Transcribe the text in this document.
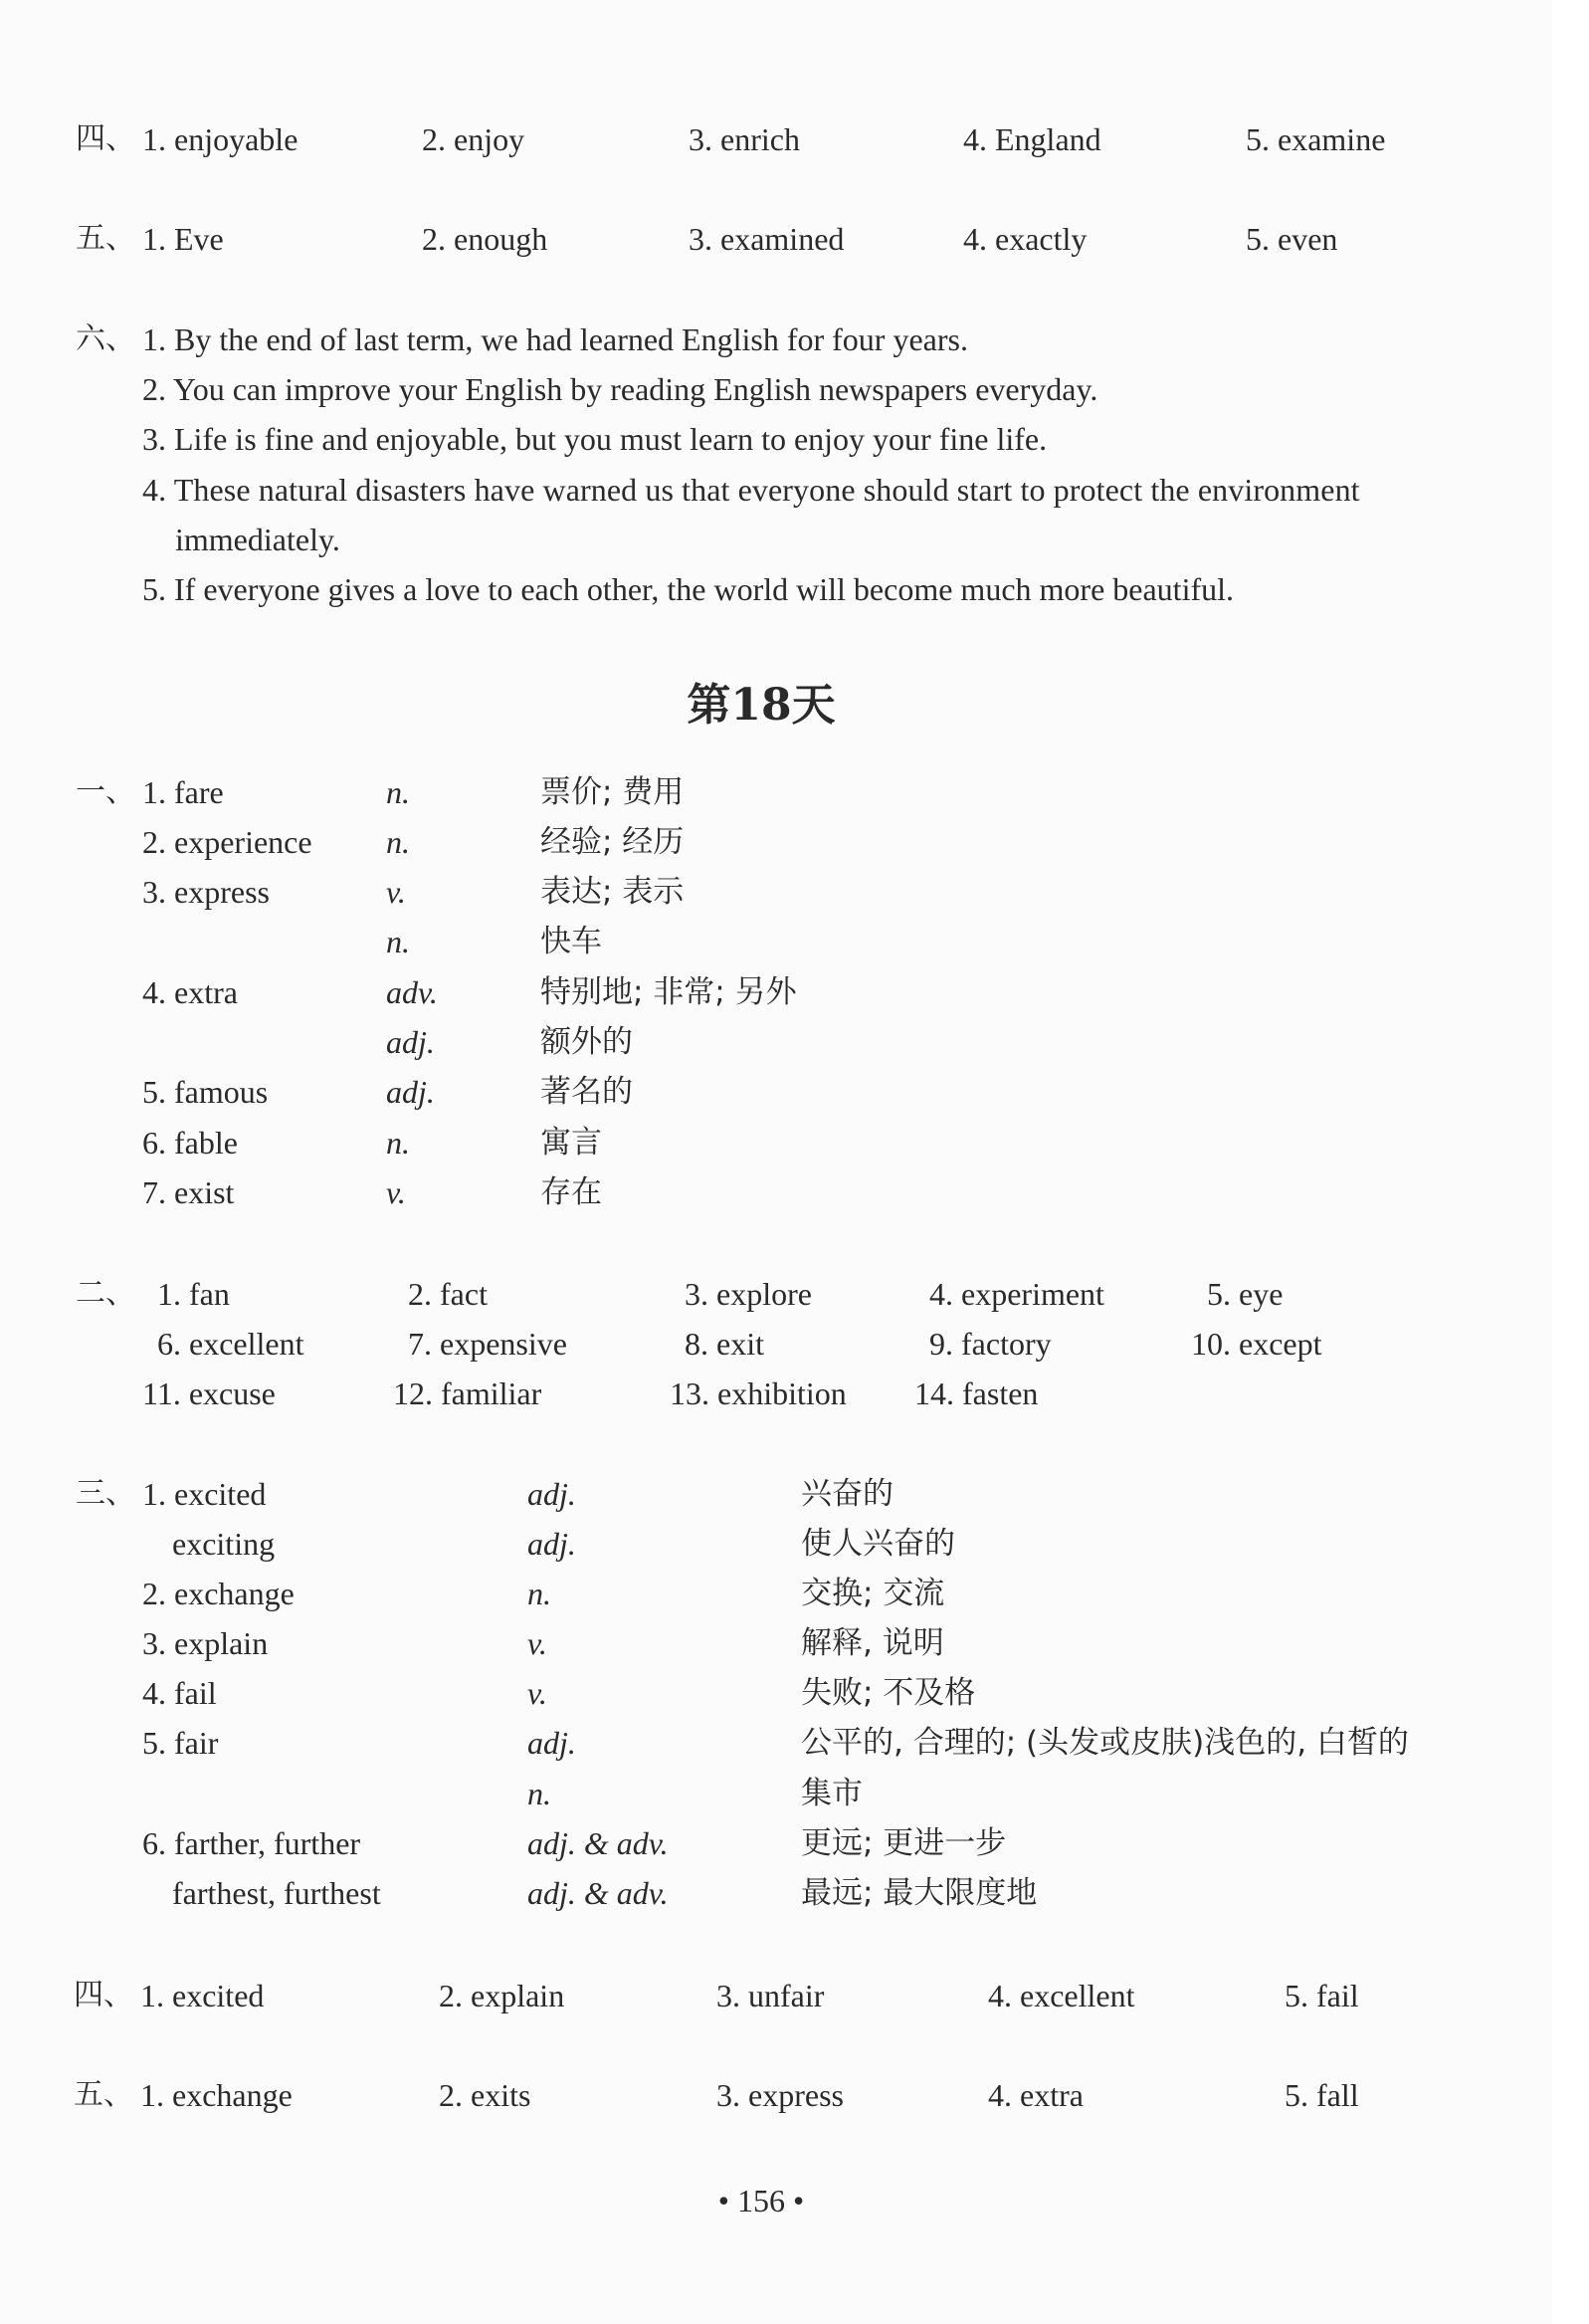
四、 1. enjoyable	2. enjoy	3. enrich	4. England	5. examine
五、 1. Eve	2. enough	3. examined	4. exactly	5. even
六、 1. By the end of last term, we had learned English for four years.
2. You can improve your English by reading English newspapers everyday.
3. Life is fine and enjoyable, but you must learn to enjoy your fine life.
4. These natural disasters have warned us that everyone should start to protect the environment
immediately.
5. If everyone gives a love to each other, the world will become much more beautiful.
第18天
一、 1. fare	n.	票价; 费用
2. experience n.	经验; 经历
3. express	v.	表达; 表示
n.	快车
4. extra	adv.	特别地; 非常; 另外
adj.	额外的
5. famous	adj.	著名的
6. fable	n.	寓言
7. exist	v.	存在
二、 1. fan	2. fact	3. explore	4. experiment	5. eye
6. excellent	7. expensive	8. exit	9. factory	10. except
11. excuse	12. familiar	13. exhibition 14. fasten
三、 1. excited	adj.	兴奋的
exciting	adj.	使人兴奋的
2. exchange	n.	交换; 交流
3. explain	v.	解释, 说明
4. fail	v.	失败; 不及格
5. fair	adj.	公平的, 合理的; (头发或皮肤)浅色的, 白皙的
n.	集市
6. farther, further	adj. & adv.	更远; 更进一步
farthest, furthest	adj. & adv.	最远; 最大限度地
四、 1. excited	2. explain	3. unfair	4. excellent	5. fail
五、 1. exchange	2. exits	3. express	4. extra	5. fall
• 156 •
